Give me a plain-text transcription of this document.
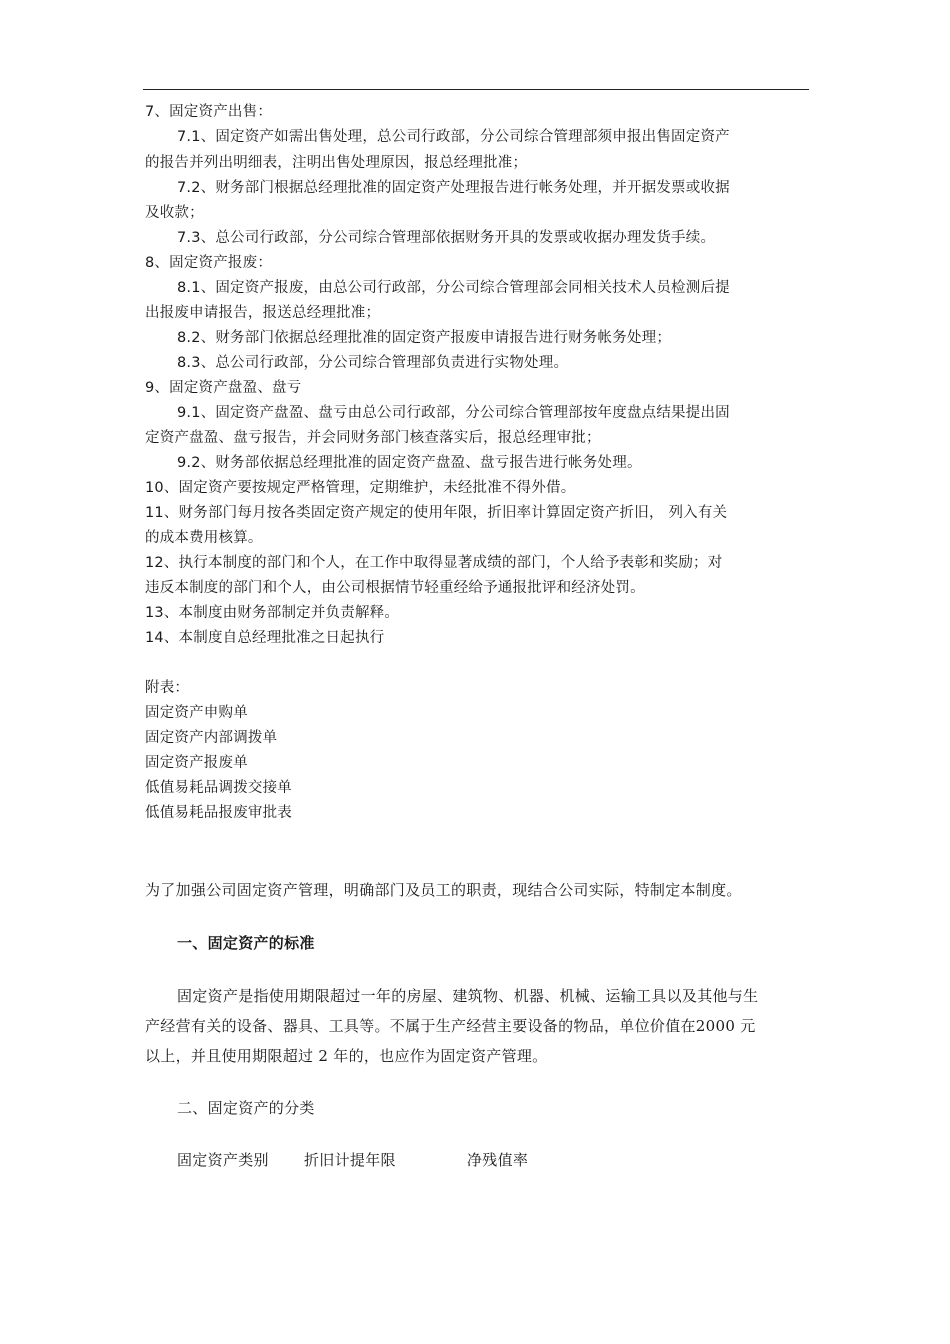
7、固定资产出售：
7.1、固定资产如需出售处理，总公司行政部，分公司综合管理部须申报出售固定资产
的报告并列出明细表，注明出售处理原因，报总经理批准；
7.2、财务部门根据总经理批准的固定资产处理报告进行帐务处理，并开据发票或收据
及收款；
7.3、总公司行政部，分公司综合管理部依据财务开具的发票或收据办理发货手续。
8、固定资产报废：
8.1、固定资产报废，由总公司行政部，分公司综合管理部会同相关技术人员检测后提
出报废申请报告，报送总经理批准；
8.2、财务部门依据总经理批准的固定资产报废申请报告进行财务帐务处理；
8.3、总公司行政部，分公司综合管理部负责进行实物处理。
9、固定资产盘盈、盘亏
9.1、固定资产盘盈、盘亏由总公司行政部，分公司综合管理部按年度盘点结果提出固
定资产盘盈、盘亏报告，并会同财务部门核查落实后，报总经理审批；
9.2、财务部依据总经理批准的固定资产盘盈、盘亏报告进行帐务处理。
10、固定资产要按规定严格管理，定期维护，未经批准不得外借。
11、财务部门每月按各类固定资产规定的使用年限，折旧率计算固定资产折旧， 列入有关
的成本费用核算。
12、执行本制度的部门和个人，在工作中取得显著成绩的部门，个人给予表彰和奖励；对
违反本制度的部门和个人，由公司根据情节轻重经给予通报批评和经济处罚。
13、本制度由财务部制定并负责解释。
14、本制度自总经理批准之日起执行
附表：
固定资产申购单
固定资产内部调拨单
固定资产报废单
低值易耗品调拨交接单
低值易耗品报废审批表
为了加强公司固定资产管理，明确部门及员工的职责，现结合公司实际，特制定本制度。
一、固定资产的标准
固定资产是指使用期限超过一年的房屋、建筑物、机器、机械、运输工具以及其他与生
产经营有关的设备、器具、工具等。不属于生产经营主要设备的物品，单位价值在2000 元
以上，并且使用期限超过 2 年的，也应作为固定资产管理。
二、固定资产的分类
固定资产类别 折旧计提年限	净残值率
